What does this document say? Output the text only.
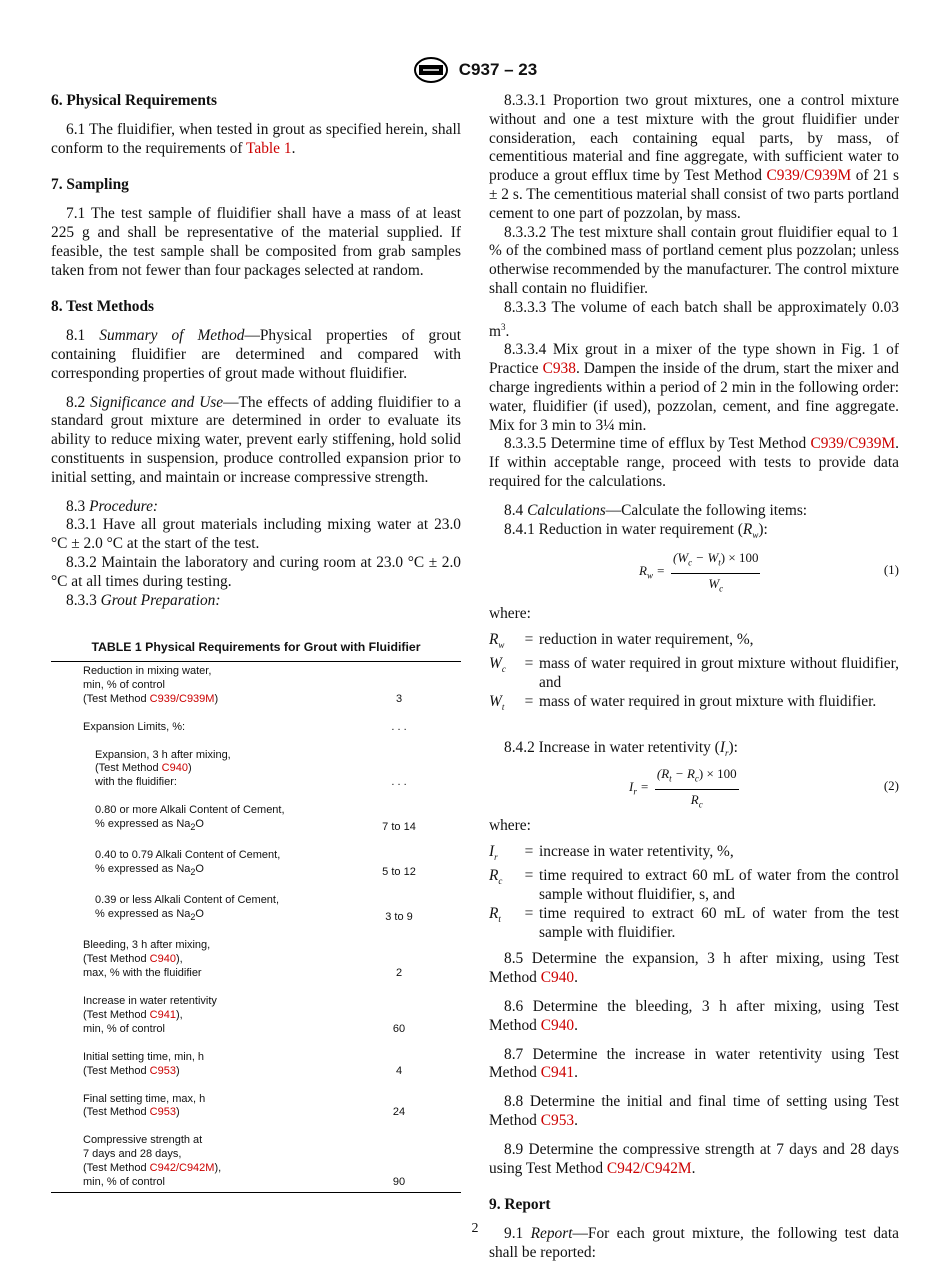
C937 – 23
6. Physical Requirements

6.1 The fluidifier, when tested in grout as specified herein, shall conform to the requirements of Table 1.

7. Sampling

7.1 The test sample of fluidifier shall have a mass of at least 225 g and shall be representative of the material supplied. If feasible, the test sample shall be composited from grab samples taken from not fewer than four packages selected at random.

8. Test Methods

8.1 Summary of Method—Physical properties of grout containing fluidifier are determined and compared with corresponding properties of grout made without fluidifier.

8.2 Significance and Use—The effects of adding fluidifier to a standard grout mixture are determined in order to evaluate its ability to reduce mixing water, prevent early stiffening, hold solid constituents in suspension, produce controlled expansion prior to initial setting, and maintain or increase compressive strength.

8.3 Procedure:

8.3.1 Have all grout materials including mixing water at 23.0 °C ± 2.0 °C at the start of the test.

8.3.2 Maintain the laboratory and curing room at 23.0 °C ± 2.0 °C at all times during testing.

8.3.3 Grout Preparation:

TABLE 1 Physical Requirements for Grout with Fluidifier
Reduction in mixing water,
min, % of control
(Test Method C939/C939M)	3
Expansion Limits, %:	. . .
Expansion, 3 h after mixing,
(Test Method C940)
with the fluidifier:	. . .
0.80 or more Alkali Content of Cement,
% expressed as $Na_2O$	7 to 14
0.40 to 0.79 Alkali Content of Cement,
% expressed as $Na_2O$	5 to 12
0.39 or less Alkali Content of Cement,
% expressed as $Na_2O$	3 to 9
Bleeding, 3 h after mixing,
(Test Method C940),
max, % with the fluidifier	2
Increase in water retentivity
(Test Method C941),
min, % of control	60
Initial setting time, min, h
(Test Method C953)	4
Final setting time, max, h
(Test Method C953)	24
Compressive strength at
7 days and 28 days,
(Test Method C942/C942M),
min, % of control	90

8.3.3.1 Proportion two grout mixtures, one a control mixture without and one a test mixture with the grout fluidifier under consideration, each containing equal parts, by mass, of cementitious material and fine aggregate, with sufficient water to produce a grout efflux time by Test Method C939/C939M of 21 s ± 2 s. The cementitious material shall consist of two parts portland cement to one part of pozzolan, by mass.

8.3.3.2 The test mixture shall contain grout fluidifier equal to 1 % of the combined mass of portland cement plus pozzolan; unless otherwise recommended by the manufacturer. The control mixture shall contain no fluidifier.

8.3.3.3 The volume of each batch shall be approximately 0.03 $m^3$.

8.3.3.4 Mix grout in a mixer of the type shown in Fig. 1 of Practice C938. Dampen the inside of the drum, start the mixer and charge ingredients within a period of 2 min in the following order: water, fluidifier (if used), pozzolan, cement, and fine aggregate. Mix for 3 min to 3¼ min.

8.3.3.5 Determine time of efflux by Test Method C939/C939M. If within acceptable range, proceed with tests to provide data required for the calculations.

8.4 Calculations—Calculate the following items:

8.4.1 Reduction in water requirement $(R_w)$:

$R_w = \frac{(W_c - W_t) \times 100}{W_c}$	(1)

where:

$R_w$	= reduction in water requirement, %,
$W_c$	= mass of water required in grout mixture without fluidifier, and
$W_t$	= mass of water required in grout mixture with fluidifier.

8.4.2 Increase in water retentivity $(I_r)$:

$I_r = \frac{(R_t - R_c) \times 100}{R_c}$	(2)

where:

$I_r$	= increase in water retentivity, %,
$R_c$	= time required to extract 60 mL of water from the control sample without fluidifier, s, and
$R_t$	= time required to extract 60 mL of water from the test sample with fluidifier.

8.5 Determine the expansion, 3 h after mixing, using Test Method C940.

8.6 Determine the bleeding, 3 h after mixing, using Test Method C940.

8.7 Determine the increase in water retentivity using Test Method C941.

8.8 Determine the initial and final time of setting using Test Method C953.

8.9 Determine the compressive strength at 7 days and 28 days using Test Method C942/C942M.

9. Report

9.1 Report—For each grout mixture, the following test data shall be reported:

2
